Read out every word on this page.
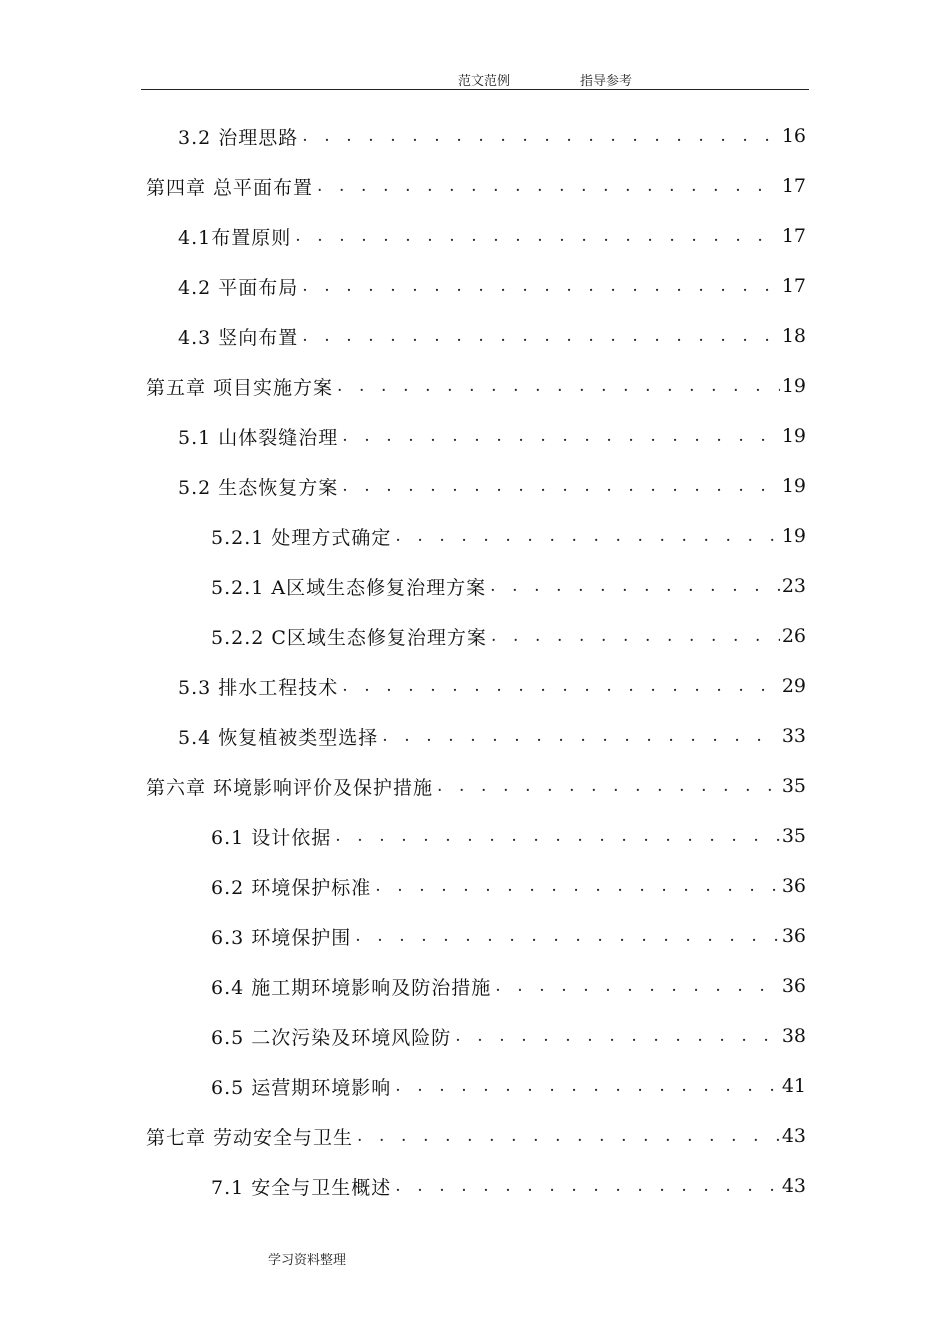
范文范例	指导参考
3.2 治理思路 . . .	16
第四章 总平面布置 . . .	17
4.1布置原则 . . .	17
4.2 平面布局 . . .	17
4.3 竖向布置 . . .	18
第五章 项目实施方案 . . .	19
5.1 山体裂缝治理 . . .	19
5.2 生态恢复方案 . . .	19
5.2.1 处理方式确定 . . .	19
5.2.1 A区域生态修复治理方案 . . .	23
5.2.2 C区域生态修复治理方案 . . .	26
5.3 排水工程技术 . . .	29
5.4 恢复植被类型选择 . . .	33
第六章 环境影响评价及保护措施 . . .	35
6.1 设计依据 . . .	35
6.2 环境保护标准 . . .	36
6.3 环境保护围 . . .	36
6.4 施工期环境影响及防治措施 . . .	36
6.5 二次污染及环境风险防 . . .	38
6.5 运营期环境影响 . . .	41
第七章 劳动安全与卫生 . . .	43
7.1 安全与卫生概述 . . .	43
学习资料整理
